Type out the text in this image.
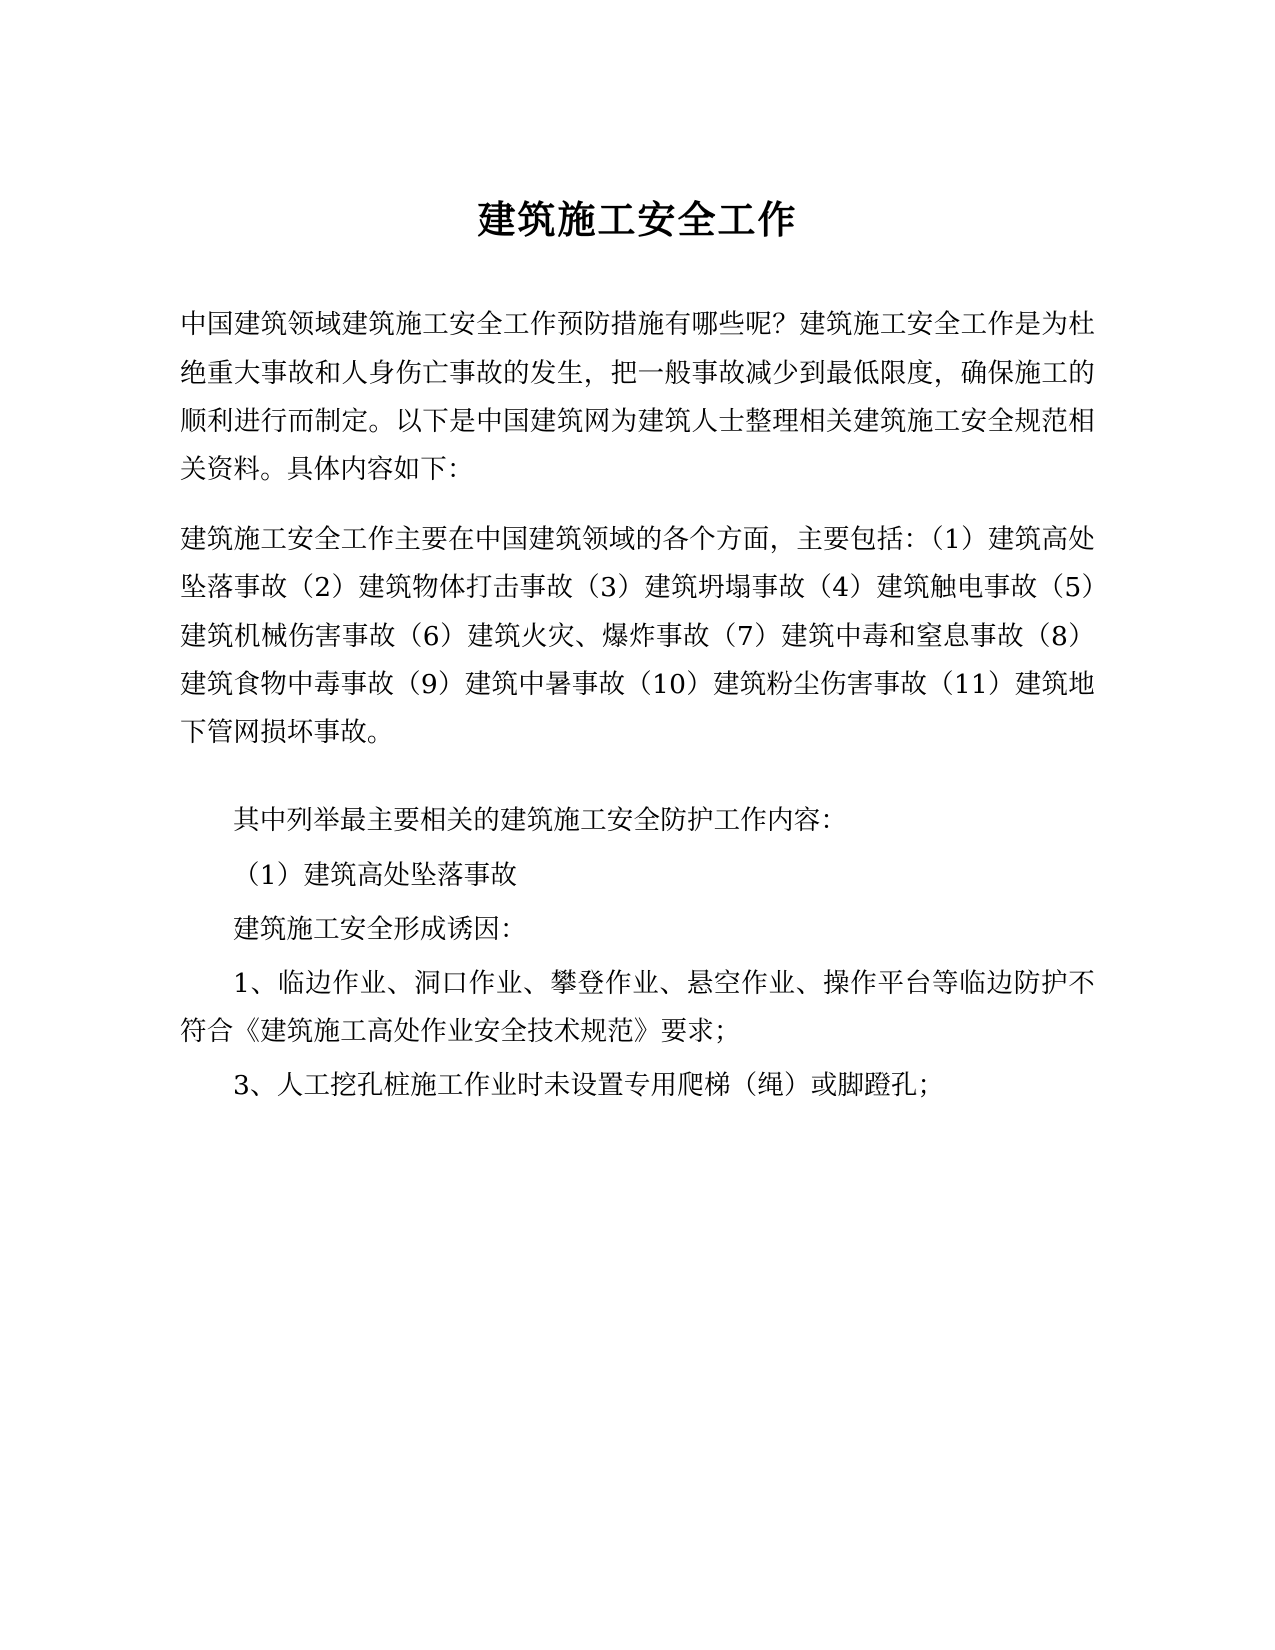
建筑施工安全工作

中国建筑领域建筑施工安全工作预防措施有哪些呢？建筑施工安全工作是为杜绝重大事故和人身伤亡事故的发生，把一般事故减少到最低限度，确保施工的顺利进行而制定。以下是中国建筑网为建筑人士整理相关建筑施工安全规范相关资料。具体内容如下：

建筑施工安全工作主要在中国建筑领域的各个方面，主要包括：（1）建筑高处坠落事故（2）建筑物体打击事故（3）建筑坍塌事故（4）建筑触电事故（5）建筑机械伤害事故（6）建筑火灾、爆炸事故（7）建筑中毒和窒息事故（8）建筑食物中毒事故（9）建筑中暑事故（10）建筑粉尘伤害事故（11）建筑地下管网损坏事故。

其中列举最主要相关的建筑施工安全防护工作内容：

（1）建筑高处坠落事故

建筑施工安全形成诱因：

1、临边作业、洞口作业、攀登作业、悬空作业、操作平台等临边防护不符合《建筑施工高处作业安全技术规范》要求；

3、人工挖孔桩施工作业时未设置专用爬梯（绳）或脚蹬孔；
